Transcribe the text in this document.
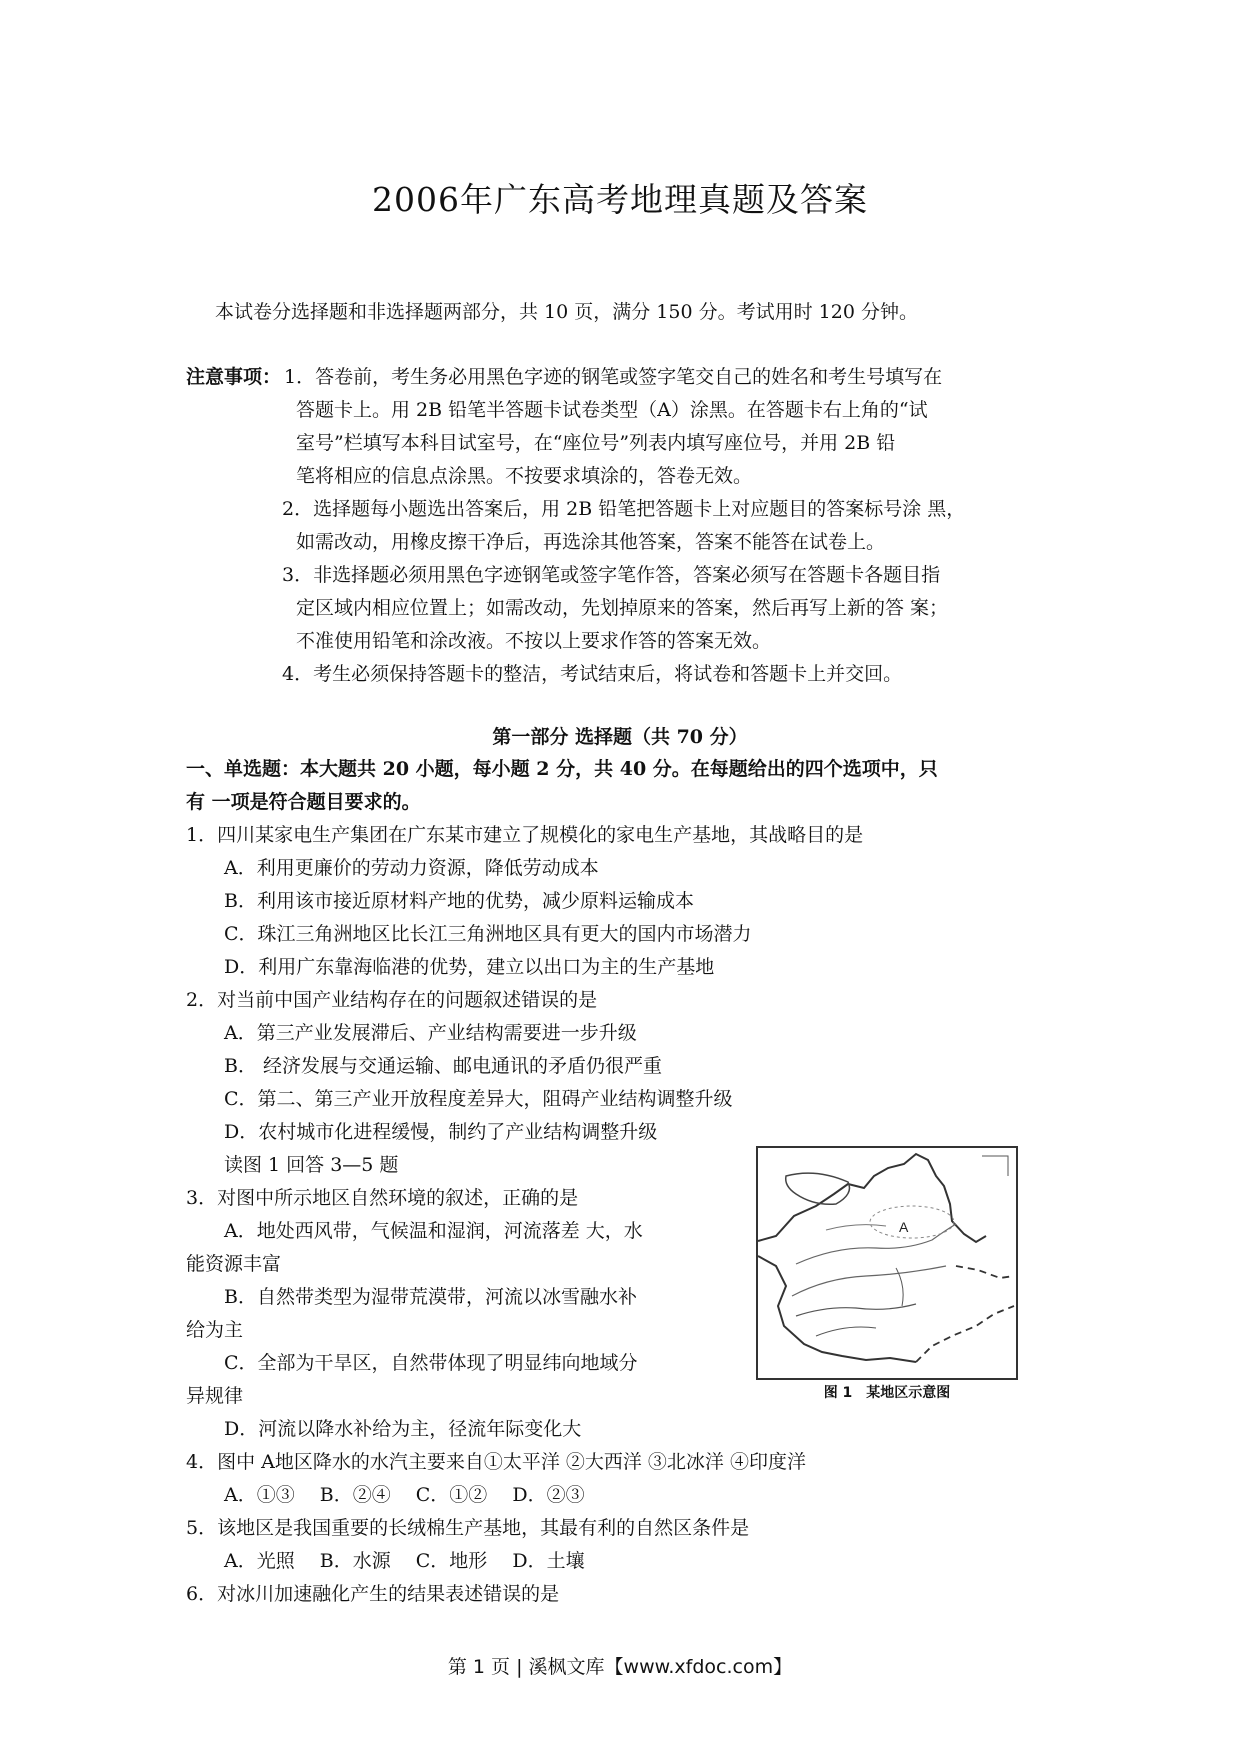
2006年广东高考地理真题及答案
本试卷分选择题和非选择题两部分，共 10 页，满分 150 分。考试用时 120 分钟。
注意事项： 1．答卷前，考生务必用黑色字迹的钢笔或签字笔交自己的姓名和考生号填写在
答题卡上。用 2B 铅笔半答题卡试卷类型（A）涂黑。在答题卡右上角的“试
室号”栏填写本科目试室号，在“座位号”列表内填写座位号，并用 2B 铅
笔将相应的信息点涂黑。不按要求填涂的，答卷无效。
2．选择题每小题选出答案后，用 2B 铅笔把答题卡上对应题目的答案标号涂 黑，
如需改动，用橡皮擦干净后，再选涂其他答案，答案不能答在试卷上。
3．非选择题必须用黑色字迹钢笔或签字笔作答，答案必须写在答题卡各题目指
定区域内相应位置上；如需改动，先划掉原来的答案，然后再写上新的答 案；
不准使用铅笔和涂改液。不按以上要求作答的答案无效。
4．考生必须保持答题卡的整洁，考试结束后，将试卷和答题卡上并交回。
第一部分 选择题（共 70 分）
一、单选题：本大题共 20 小题，每小题 2 分，共 40 分。在每题给出的四个选项中，只
有 一项是符合题目要求的。
1．四川某家电生产集团在广东某市建立了规模化的家电生产基地，其战略目的是
A．利用更廉价的劳动力资源，降低劳动成本
B．利用该市接近原材料产地的优势，减少原料运输成本
C．珠江三角洲地区比长江三角洲地区具有更大的国内市场潜力
D．利用广东靠海临港的优势，建立以出口为主的生产基地
2．对当前中国产业结构存在的问题叙述错误的是
A．第三产业发展滞后、产业结构需要进一步升级
B． 经济发展与交通运输、邮电通讯的矛盾仍很严重
C．第二、第三产业开放程度差异大，阻碍产业结构调整升级
D．农村城市化进程缓慢，制约了产业结构调整升级
读图 1 回答 3—5 题
3．对图中所示地区自然环境的叙述，正确的是
A．地处西风带，气候温和湿润，河流落差 大，水
能资源丰富
B．自然带类型为湿带荒漠带，河流以冰雪融水补
给为主
C．全部为干旱区，自然带体现了明显纬向地域分
异规律
D．河流以降水补给为主，径流年际变化大
4．图中 A地区降水的水汽主要来自①太平洋 ②大西洋 ③北冰洋 ④印度洋
A．①③　 B．②④　 C．①②　 D．②③
5．该地区是我国重要的长绒棉生产基地，其最有利的自然区条件是
A．光照　 B．水源　 C．地形　 D．土壤
6．对冰川加速融化产生的结果表述错误的是
A
图 1　某地区示意图
第 1 页 | 溪枫文库【www.xfdoc.com】
